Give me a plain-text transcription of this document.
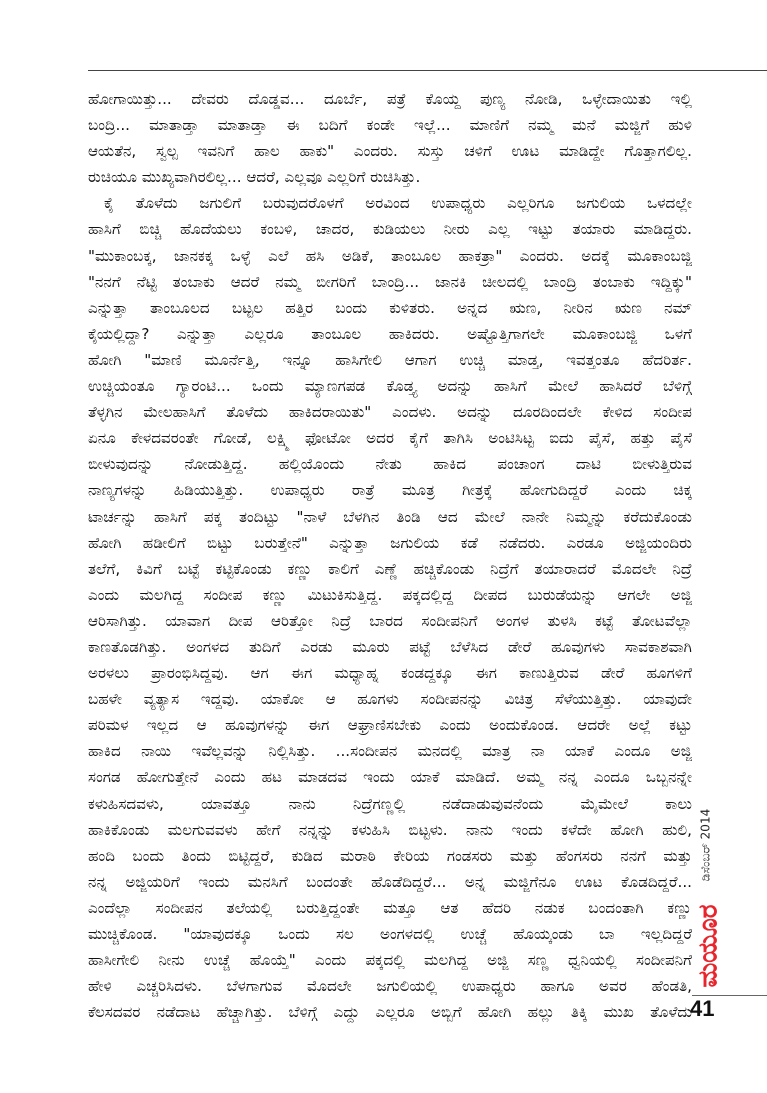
ಹೋಗಾಯಿತ್ತು... ದೇವರು ದೊಡ್ಡವ... ದೂರ್ಬೆ, ಪತ್ರೆ ಕೊಯ್ದ ಪುಣ್ಯ ನೋಡಿ, ಒಳ್ಳೇದಾಯಿತು ಇಲ್ಲಿ
ಬಂದ್ರಿ... ಮಾತಾಡ್ತಾ ಮಾತಾಡ್ತಾ ಈ ಬದಿಗೆ ಕಂಡೇ ಇಲ್ಲೆ... ಮಾಣಿಗೆ ನಮ್ಮ ಮನೆ ಮಜ್ಜಿಗೆ ಹುಳಿ
ಆಯತೆನ, ಸ್ವಲ್ಪ ಇವನಿಗೆ ಹಾಲ ಹಾಕು" ಎಂದರು. ಸುಸ್ತು ಚಳಿಗೆ ಊಟ ಮಾಡಿದ್ದೇ ಗೊತ್ತಾಗಲಿಲ್ಲ.
ರುಚಿಯೂ ಮುಖ್ಯವಾಗಿರಲಿಲ್ಲ... ಆದರೆ, ಎಲ್ಲವೂ ಎಲ್ಲರಿಗೆ ರುಚಿಸಿತ್ತು.
ಕೈ ತೊಳೆದು ಜಗುಲಿಗೆ ಬರುವುದರೊಳಗೆ ಅರವಿಂದ ಉಪಾಧ್ಯರು ಎಲ್ಲರಿಗೂ ಜಗುಲಿಯ ಒಳದಲ್ಲೇ
ಹಾಸಿಗೆ ಬಿಚ್ಚಿ ಹೊದೆಯಲು ಕಂಬಳಿ, ಚಾದರ, ಕುಡಿಯಲು ನೀರು ಎಲ್ಲ ಇಟ್ಟು ತಯಾರು ಮಾಡಿದ್ದರು.
"ಮುಕಾಂಬಕ್ಕ, ಜಾನಕಕ್ಕ ಒಳ್ಳೆ ಎಲೆ ಹಸಿ ಅಡಿಕೆ, ತಾಂಬೂಲ ಹಾಕತ್ರಾ" ಎಂದರು. ಅದಕ್ಕೆ ಮೂಕಾಂಬಜ್ಜಿ
"ನನಗೆ ನೆಟ್ಟಿ ತಂಬಾಕು ಆದರೆ ನಮ್ಮ ಬೀಗರಿಗೆ ಬಾಂದ್ರಿ... ಜಾನಕಿ ಚೀಲದಲ್ಲಿ ಬಾಂದ್ರಿ ತಂಬಾಕು ಇದ್ದಿಕ್ಕು"
ಎನ್ನುತ್ತಾ ತಾಂಬೂಲದ ಬಟ್ಟಲ ಹತ್ತಿರ ಬಂದು ಕುಳಿತರು. ಅನ್ನದ ಋಣ, ನೀರಿನ ಋಣ ನಮ್
ಕೈಯಲ್ಲಿದ್ದಾ? ಎನ್ನುತ್ತಾ ಎಲ್ಲರೂ ತಾಂಬೂಲ ಹಾಕಿದರು. ಅಷ್ಟೊತ್ತಿಗಾಗಲೇ ಮೂಕಾಂಬಜ್ಜಿ ಒಳಗೆ
ಹೋಗಿ "ಮಾಣಿ ಮೂರ್ನೆತ್ತಿ, ಇನ್ನೂ ಹಾಸಿಗೇಲಿ ಆಗಾಗ ಉಚ್ಚಿ ಮಾಡ್ತ, ಇವತ್ತಂತೂ ಹೆದರಿರ್ತ.
ಉಚ್ಚಿಯಂತೂ ಗ್ಯಾರಂಟಿ... ಒಂದು ಮ್ಯಾಣಗಪಡ ಕೊಡ್ತ್ಯ ಅದನ್ನು ಹಾಸಿಗೆ ಮೇಲೆ ಹಾಸಿದರೆ ಬೆಳಿಗ್ಗೆ
ತೆಳ್ಳಗಿನ ಮೇಲಹಾಸಿಗೆ ತೊಳೆದು ಹಾಕಿದರಾಯಿತು" ಎಂದಳು. ಅದನ್ನು ದೂರದಿಂದಲೇ ಕೇಳಿದ ಸಂದೀಪ
ಏನೂ ಕೇಳದವರಂತೇ ಗೋಡೆ, ಲಕ್ಷ್ಮಿ ಫೋಟೋ ಅದರ ಕೈಗೆ ತಾಗಿಸಿ ಅಂಟಿಸಿಟ್ಟ ಐದು ಪೈಸೆ, ಹತ್ತು ಪೈಸೆ
ಬೀಳುವುದನ್ನು ನೋಡುತ್ತಿದ್ದ. ಹಲ್ಲಿಯೊಂದು ನೇತು ಹಾಕಿದ ಪಂಚಾಂಗ ದಾಟಿ ಬೀಳುತ್ತಿರುವ
ನಾಣ್ಯಗಳನ್ನು ಹಿಡಿಯುತ್ತಿತ್ತು. ಉಪಾಧ್ಯರು ರಾತ್ರೆ ಮೂತ್ರ ಗೀತ್ರಕ್ಕೆ ಹೋಗುದಿದ್ದರೆ ಎಂದು ಚಿಕ್ಕ
ಟಾರ್ಚನ್ನು ಹಾಸಿಗೆ ಪಕ್ಕ ತಂದಿಟ್ಟು "ನಾಳೆ ಬೆಳಗಿನ ತಿಂಡಿ ಆದ ಮೇಲೆ ನಾನೇ ನಿಮ್ಮನ್ನು ಕರೆದುಕೊಂಡು
ಹೋಗಿ ಹಡೀಲಿಗೆ ಬಿಟ್ಟು ಬರುತ್ತೇನೆ" ಎನ್ನುತ್ತಾ ಜಗುಲಿಯ ಕಡೆ ನಡೆದರು. ಎರಡೂ ಅಜ್ಜಿಯಂದಿರು
ತಲೆಗೆ, ಕಿವಿಗೆ ಬಟ್ಟೆ ಕಟ್ಟಿಕೊಂಡು ಕಣ್ಣು ಕಾಲಿಗೆ ಎಣ್ಣೆ ಹಚ್ಚಿಕೊಂಡು ನಿದ್ರೆಗೆ ತಯಾರಾದರೆ ಮೊದಲೇ ನಿದ್ರೆ
ಎಂದು ಮಲಗಿದ್ದ ಸಂದೀಪ ಕಣ್ಣು ಮಿಟುಕಿಸುತ್ತಿದ್ದ. ಪಕ್ಕದಲ್ಲಿದ್ದ ದೀಪದ ಬುರುಡೆಯನ್ನು ಆಗಲೇ ಅಜ್ಜಿ
ಆರಿಸಾಗಿತ್ತು. ಯಾವಾಗ ದೀಪ ಆರಿತ್ತೋ ನಿದ್ರೆ ಬಾರದ ಸಂದೀಪನಿಗೆ ಅಂಗಳ ತುಳಸಿ ಕಟ್ಟೆ ತೋಟವೆಲ್ಲಾ
ಕಾಣತೊಡಗಿತ್ತು. ಅಂಗಳದ ತುದಿಗೆ ಎರಡು ಮೂರು ಪಟ್ಟೆ ಬೆಳೆಸಿದ ಡೇರೆ ಹೂವುಗಳು ಸಾವಕಾಶವಾಗಿ
ಅರಳಲು ಪ್ರಾರಂಭಿಸಿದ್ದವು. ಆಗ ಈಗ ಮಧ್ಯಾಹ್ನ ಕಂಡದ್ದಕ್ಕೂ ಈಗ ಕಾಣುತ್ತಿರುವ ಡೇರೆ ಹೂಗಳಿಗೆ
ಬಹಳೇ ವ್ಯತ್ಯಾಸ ಇದ್ದವು. ಯಾಕೋ ಆ ಹೂಗಳು ಸಂದೀಪನನ್ನು ವಿಚಿತ್ರ ಸೆಳೆಯುತ್ತಿತ್ತು. ಯಾವುದೇ
ಪರಿಮಳ ಇಲ್ಲದ ಆ ಹೂವುಗಳನ್ನು ಈಗ ಆಘ್ರಾಣಿಸಬೇಕು ಎಂದು ಅಂದುಕೊಂಡ. ಆದರೇ ಅಲ್ಲೆ ಕಟ್ಟು
ಹಾಕಿದ ನಾಯಿ ಇವೆಲ್ಲವನ್ನು ನಿಲ್ಲಿಸಿತ್ತು. ...ಸಂದೀಪನ ಮನದಲ್ಲಿ ಮಾತ್ರ ನಾ ಯಾಕೆ ಎಂದೂ ಅಜ್ಜಿ
ಸಂಗಡ ಹೋಗುತ್ತೇನೆ ಎಂದು ಹಟ ಮಾಡದವ ಇಂದು ಯಾಕೆ ಮಾಡಿದೆ. ಅಮ್ಮ ನನ್ನ ಎಂದೂ ಒಬ್ಬನನ್ನೇ
ಕಳುಹಿಸದವಳು, ಯಾವತ್ತೂ ನಾನು ನಿದ್ರೆಗಣ್ಣಲ್ಲಿ ನಡೆದಾಡುವುವನೆಂದು ಮೈಮೇಲೆ ಕಾಲು
ಹಾಕಿಕೊಂಡು ಮಲಗುವವಳು ಹೇಗೆ ನನ್ನನ್ನು ಕಳುಹಿಸಿ ಬಿಟ್ಟಳು. ನಾನು ಇಂದು ಕಳೆದೇ ಹೋಗಿ ಹುಲಿ,
ಹಂದಿ ಬಂದು ತಿಂದು ಬಿಟ್ಟಿದ್ದರೆ, ಕುಡಿದ ಮರಾಠಿ ಕೇರಿಯ ಗಂಡಸರು ಮತ್ತು ಹೆಂಗಸರು ನನಗೆ ಮತ್ತು
ನನ್ನ ಅಜ್ಜಿಯರಿಗೆ ಇಂದು ಮನಸಿಗೆ ಬಂದಂತೇ ಹೊಡೆದಿದ್ದರೆ... ಅನ್ನ ಮಜ್ಜಿಗೆನೂ ಊಟ ಕೊಡದಿದ್ದರೆ...
ಎಂದೆಲ್ಲಾ ಸಂದೀಪನ ತಲೆಯಲ್ಲಿ ಬರುತ್ತಿದ್ದಂತೇ ಮತ್ತೂ ಆತ ಹೆದರಿ ನಡುಕ ಬಂದಂತಾಗಿ ಕಣ್ಣು
ಮುಚ್ಚಿಕೊಂಡ. "ಯಾವುದಕ್ಕೂ ಒಂದು ಸಲ ಅಂಗಳದಲ್ಲಿ ಉಚ್ಚೆ ಹೊಯ್ಕಂಡು ಬಾ ಇಲ್ಲದಿದ್ದರೆ
ಹಾಸೀಗೇಲಿ ನೀನು ಉಚ್ಚೆ ಹೊಯ್ತೆ" ಎಂದು ಪಕ್ಕದಲ್ಲಿ ಮಲಗಿದ್ದ ಅಜ್ಜಿ ಸಣ್ಣ ಧ್ವನಿಯಲ್ಲಿ ಸಂದೀಪನಿಗೆ
ಹೇಳಿ ಎಚ್ಚರಿಸಿದಳು. ಬೆಳಗಾಗುವ ಮೊದಲೇ ಜಗುಲಿಯಲ್ಲಿ ಉಪಾಧ್ಯರು ಹಾಗೂ ಅವರ ಹೆಂಡತಿ,
ಕೆಲಸದವರ ನಡೆದಾಟ ಹೆಚ್ಚಾಗಿತ್ತು. ಬೆಳಿಗ್ಗೆ ಎದ್ದು ಎಲ್ಲರೂ ಅಬ್ಬಿಗೆ ಹೋಗಿ ಹಲ್ಲು ತಿಕ್ಕಿ ಮುಖ ತೊಳೆದು
ಡಿಸೆಂಬರ್ 2014
ಮಯೂರ
41
